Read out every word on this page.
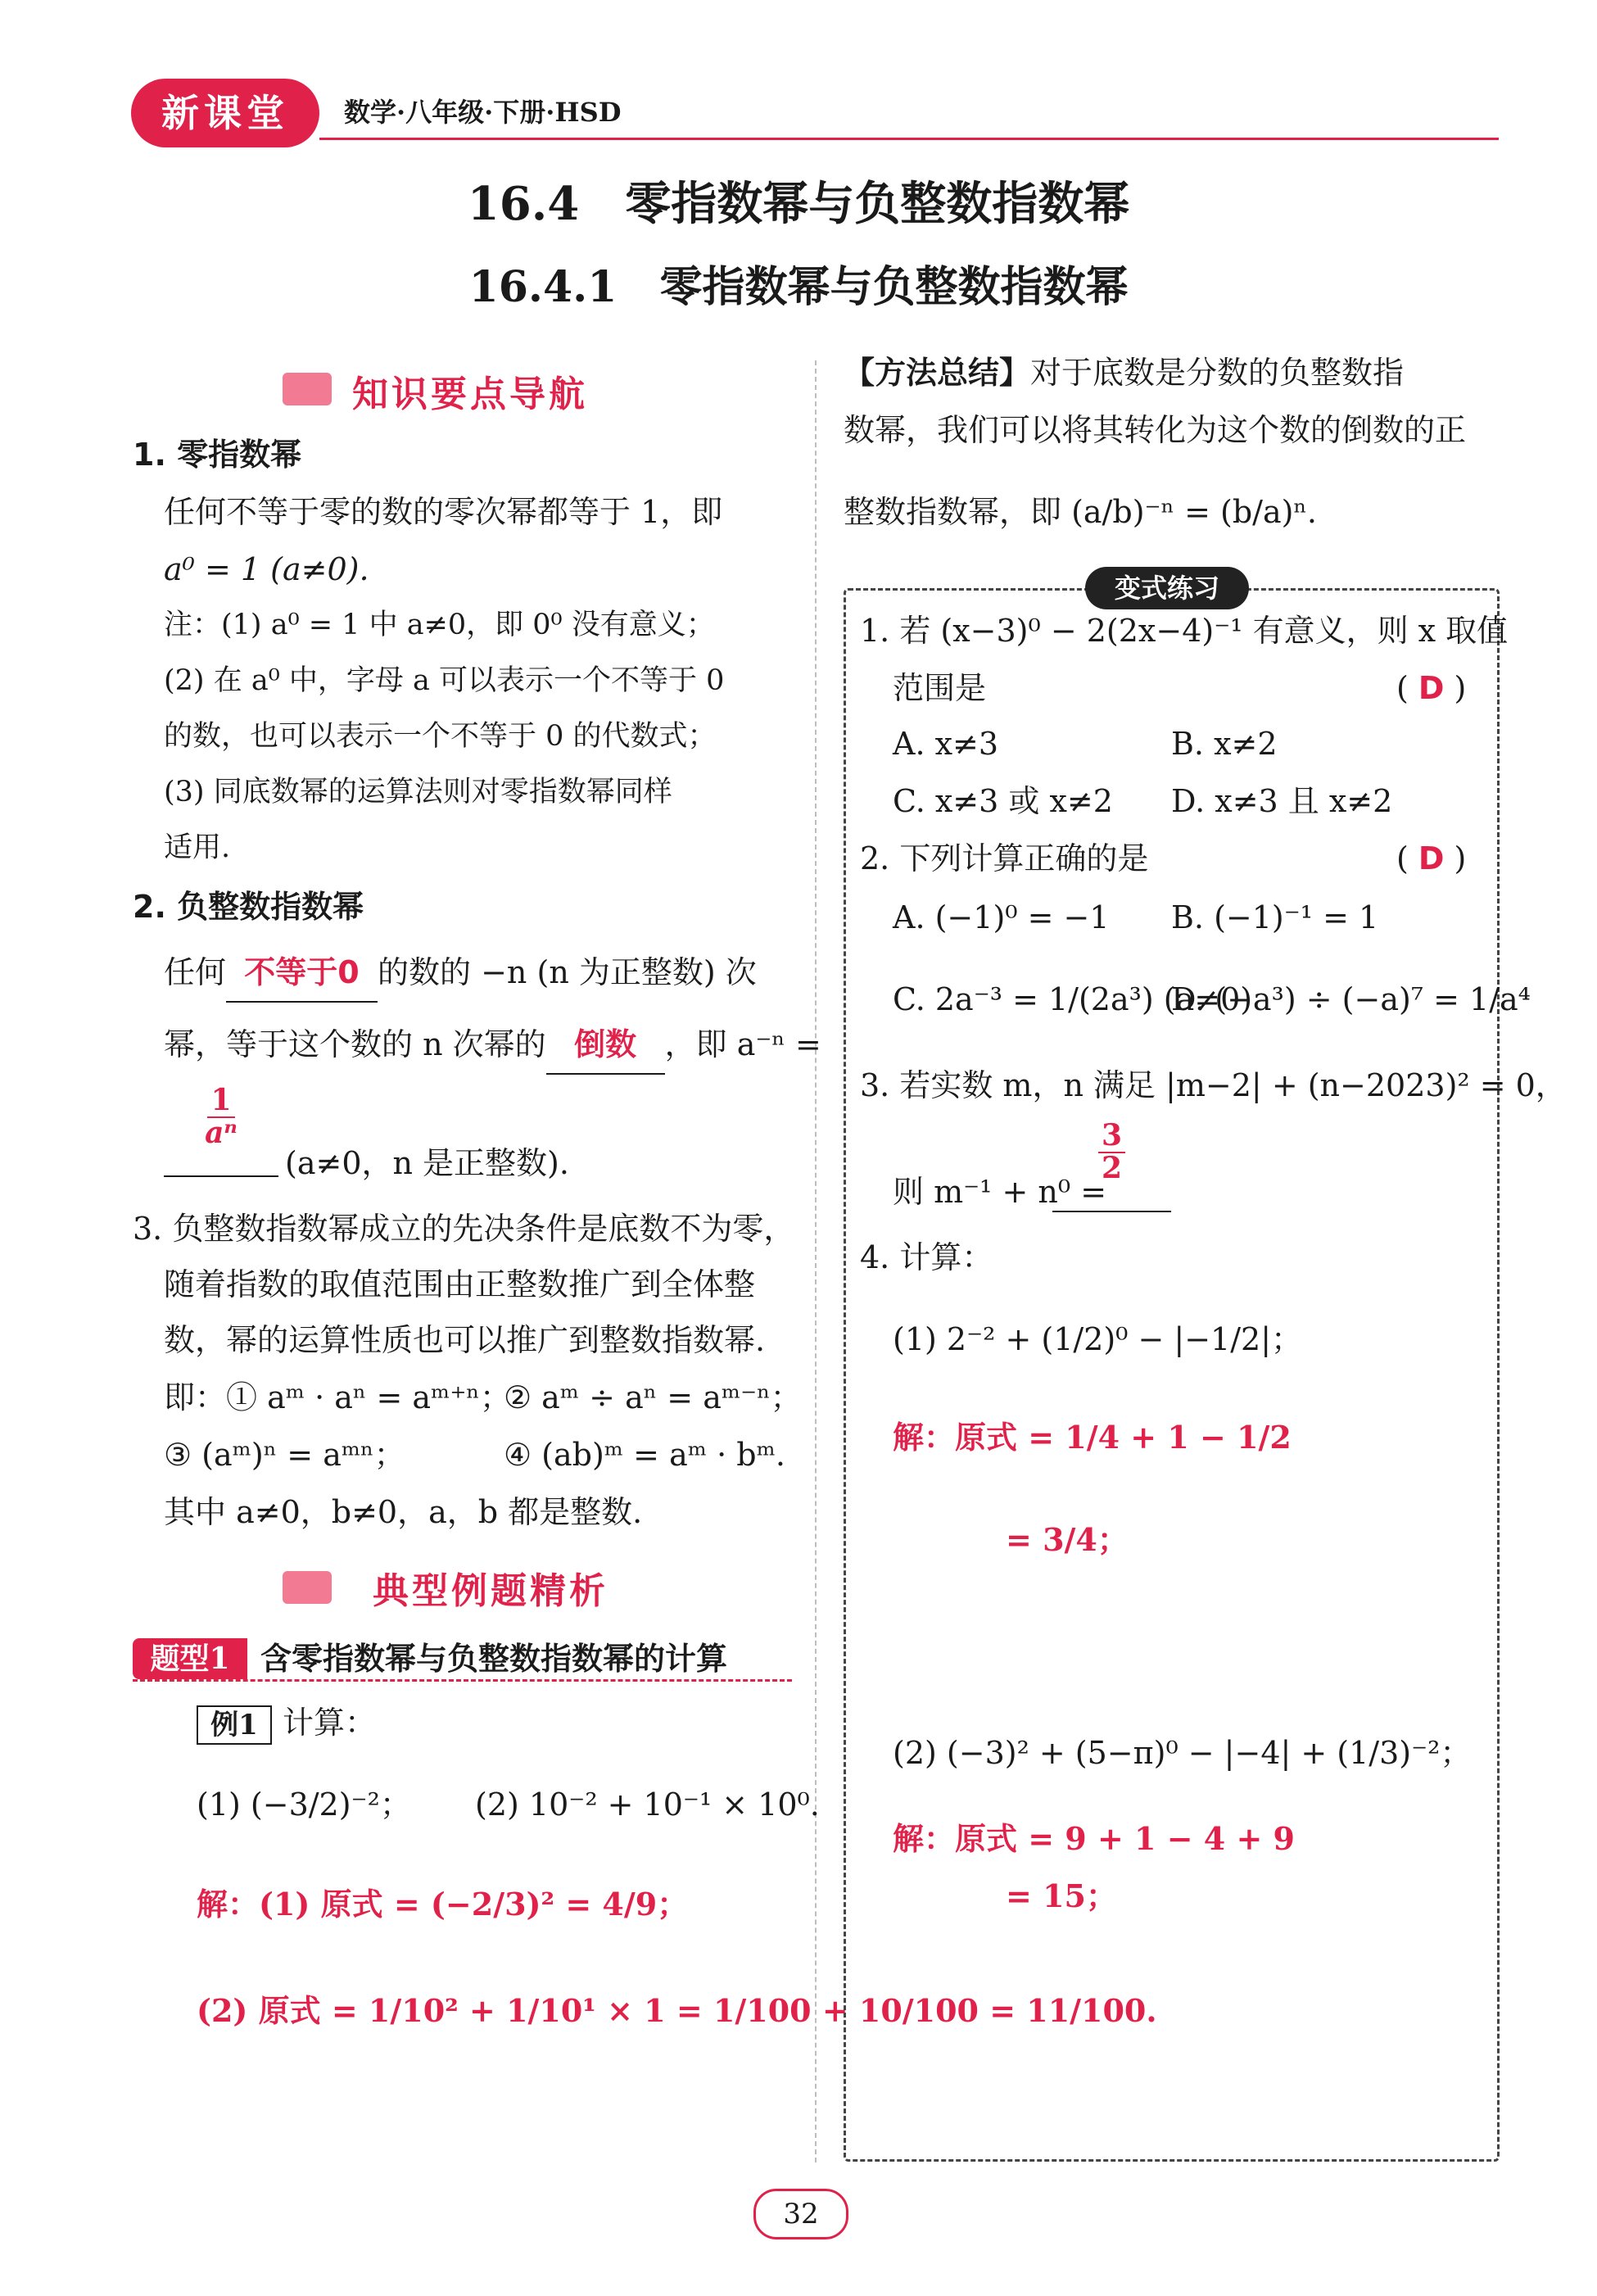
新课堂	数学·八年级·下册·HSD
16.4　零指数幂与负整数指数幂
16.4.1　零指数幂与负整数指数幂
知识要点导航
1. 零指数幂
任何不等于零的数的零次幂都等于 1，即
a⁰ = 1 (a≠0).
注：(1) a⁰ = 1 中 a≠0，即 0⁰ 没有意义；
(2) 在 a⁰ 中，字母 a 可以表示一个不等于 0
的数，也可以表示一个不等于 0 的代数式；
(3) 同底数幂的运算法则对零指数幂同样
适用.
2. 负整数指数幂
任何 不等于0 的数的 −n (n 为正整数) 次
幂，等于这个数的 n 次幂的 倒数 ，即 a⁻ⁿ =
$\frac{1}{\text{aⁿ}}$
(a≠0，n 是正整数).
3. 负整数指数幂成立的先决条件是底数不为零，
随着指数的取值范围由正整数推广到全体整
数，幂的运算性质也可以推广到整数指数幂.
即：① aᵐ · aⁿ = aᵐ⁺ⁿ；
② aᵐ ÷ aⁿ = aᵐ⁻ⁿ；
③ (aᵐ)ⁿ = aᵐⁿ；	④ (ab)ᵐ = aᵐ · bᵐ.
其中 a≠0，b≠0，a，b 都是整数.
典型例题精析
题型1 含零指数幂与负整数指数幂的计算
例1 计算：
(1) (−3/2)⁻²； (2) 10⁻² + 10⁻¹ × 10⁰.
解：(1) 原式 = (−2/3)² = 4/9；
(2) 原式 = 1/10² + 1/10¹ × 1 = 1/100 + 10/100 = 11/100.
【方法总结】对于底数是分数的负整数指
数幂，我们可以将其转化为这个数的倒数的正
整数指数幂，即 (a/b)⁻ⁿ = (b/a)ⁿ.
变式练习
1. 若 (x−3)⁰ − 2(2x−4)⁻¹ 有意义，则 x 取值
范围是	( D )
A. x≠3	B. x≠2
C. x≠3 或 x≠2 D. x≠3 且 x≠2
2. 下列计算正确的是	( D )
A. (−1)⁰ = −1 B. (−1)⁻¹ = 1
C. 2a⁻³ = 1/(2a³) (a≠0)
D. (−a³) ÷ (−a)⁷ = 1/a⁴
3. 若实数 m，n 满足 |m−2| + (n−2023)² = 0，
则 m⁻¹ + n⁰ =
$\frac{3}{2}$
4. 计算：
(1) 2⁻² + (1/2)⁰ − |−1/2|；
解：原式 = 1/4 + 1 − 1/2
= 3/4；
(2) (−3)² + (5−π)⁰ − |−4| + (1/3)⁻²；
解：原式 = 9 + 1 − 4 + 9
= 15；
32
